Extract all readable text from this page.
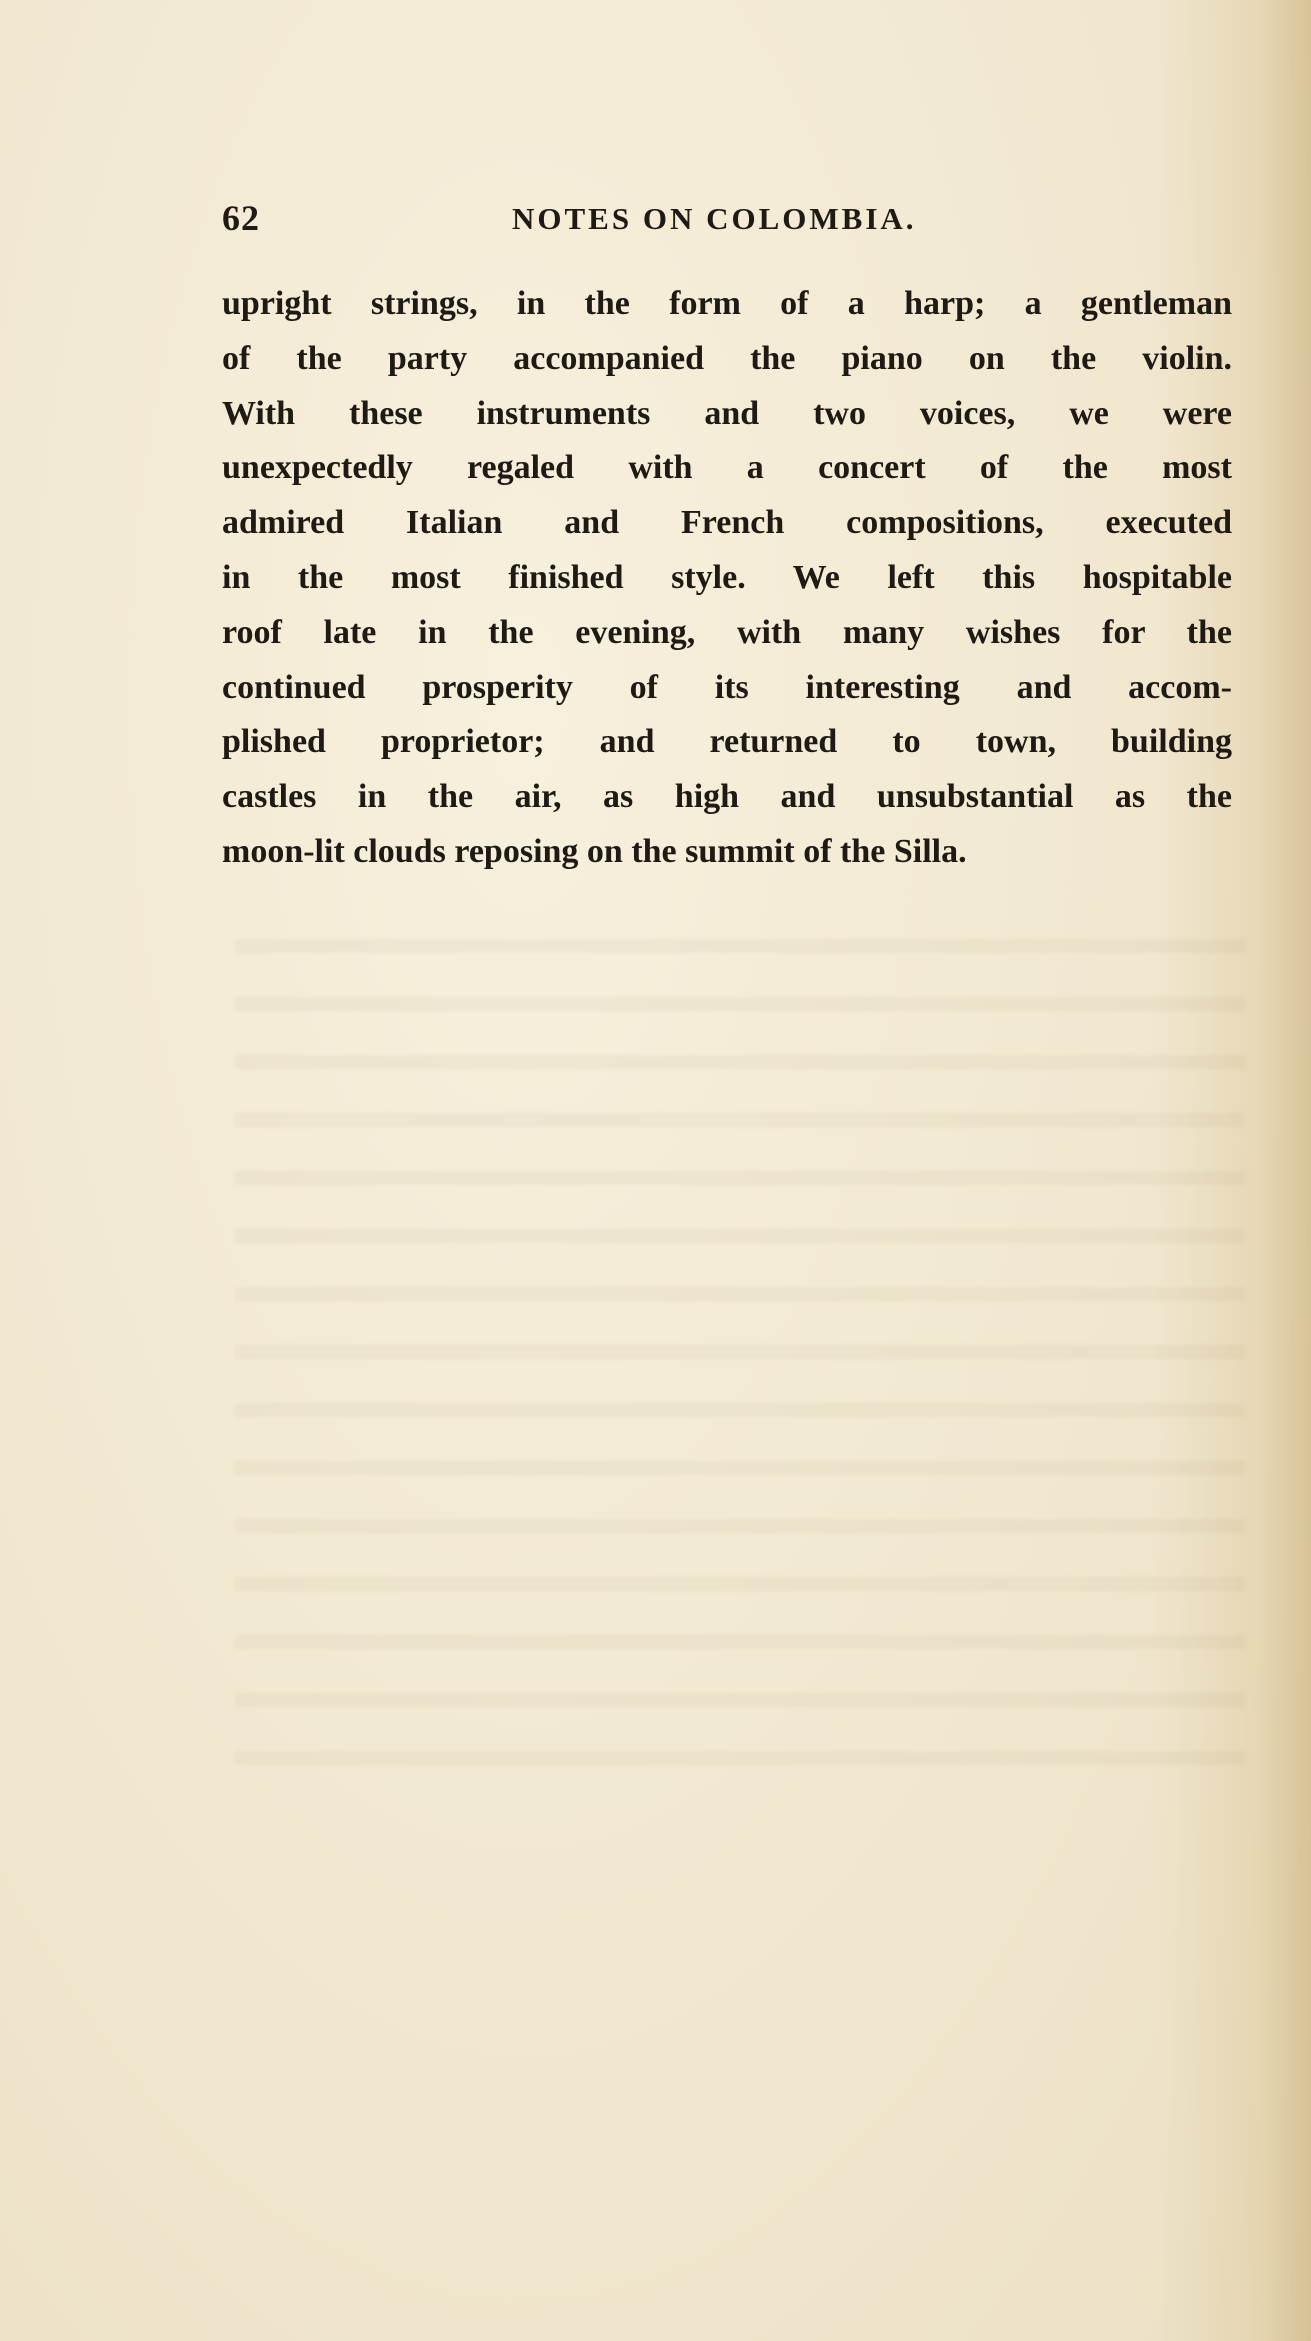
62	NOTES ON COLOMBIA.
upright strings, in the form of a harp; a gentleman
of the party accompanied the piano on the violin.
With these instruments and two voices, we were
unexpectedly regaled with a concert of the most
admired Italian and French compositions, executed
in the most finished style. We left this hospitable
roof late in the evening, with many wishes for the
continued prosperity of its interesting and accom-
plished proprietor; and returned to town, building
castles in the air, as high and unsubstantial as the
moon-lit clouds reposing on the summit of the Silla.
